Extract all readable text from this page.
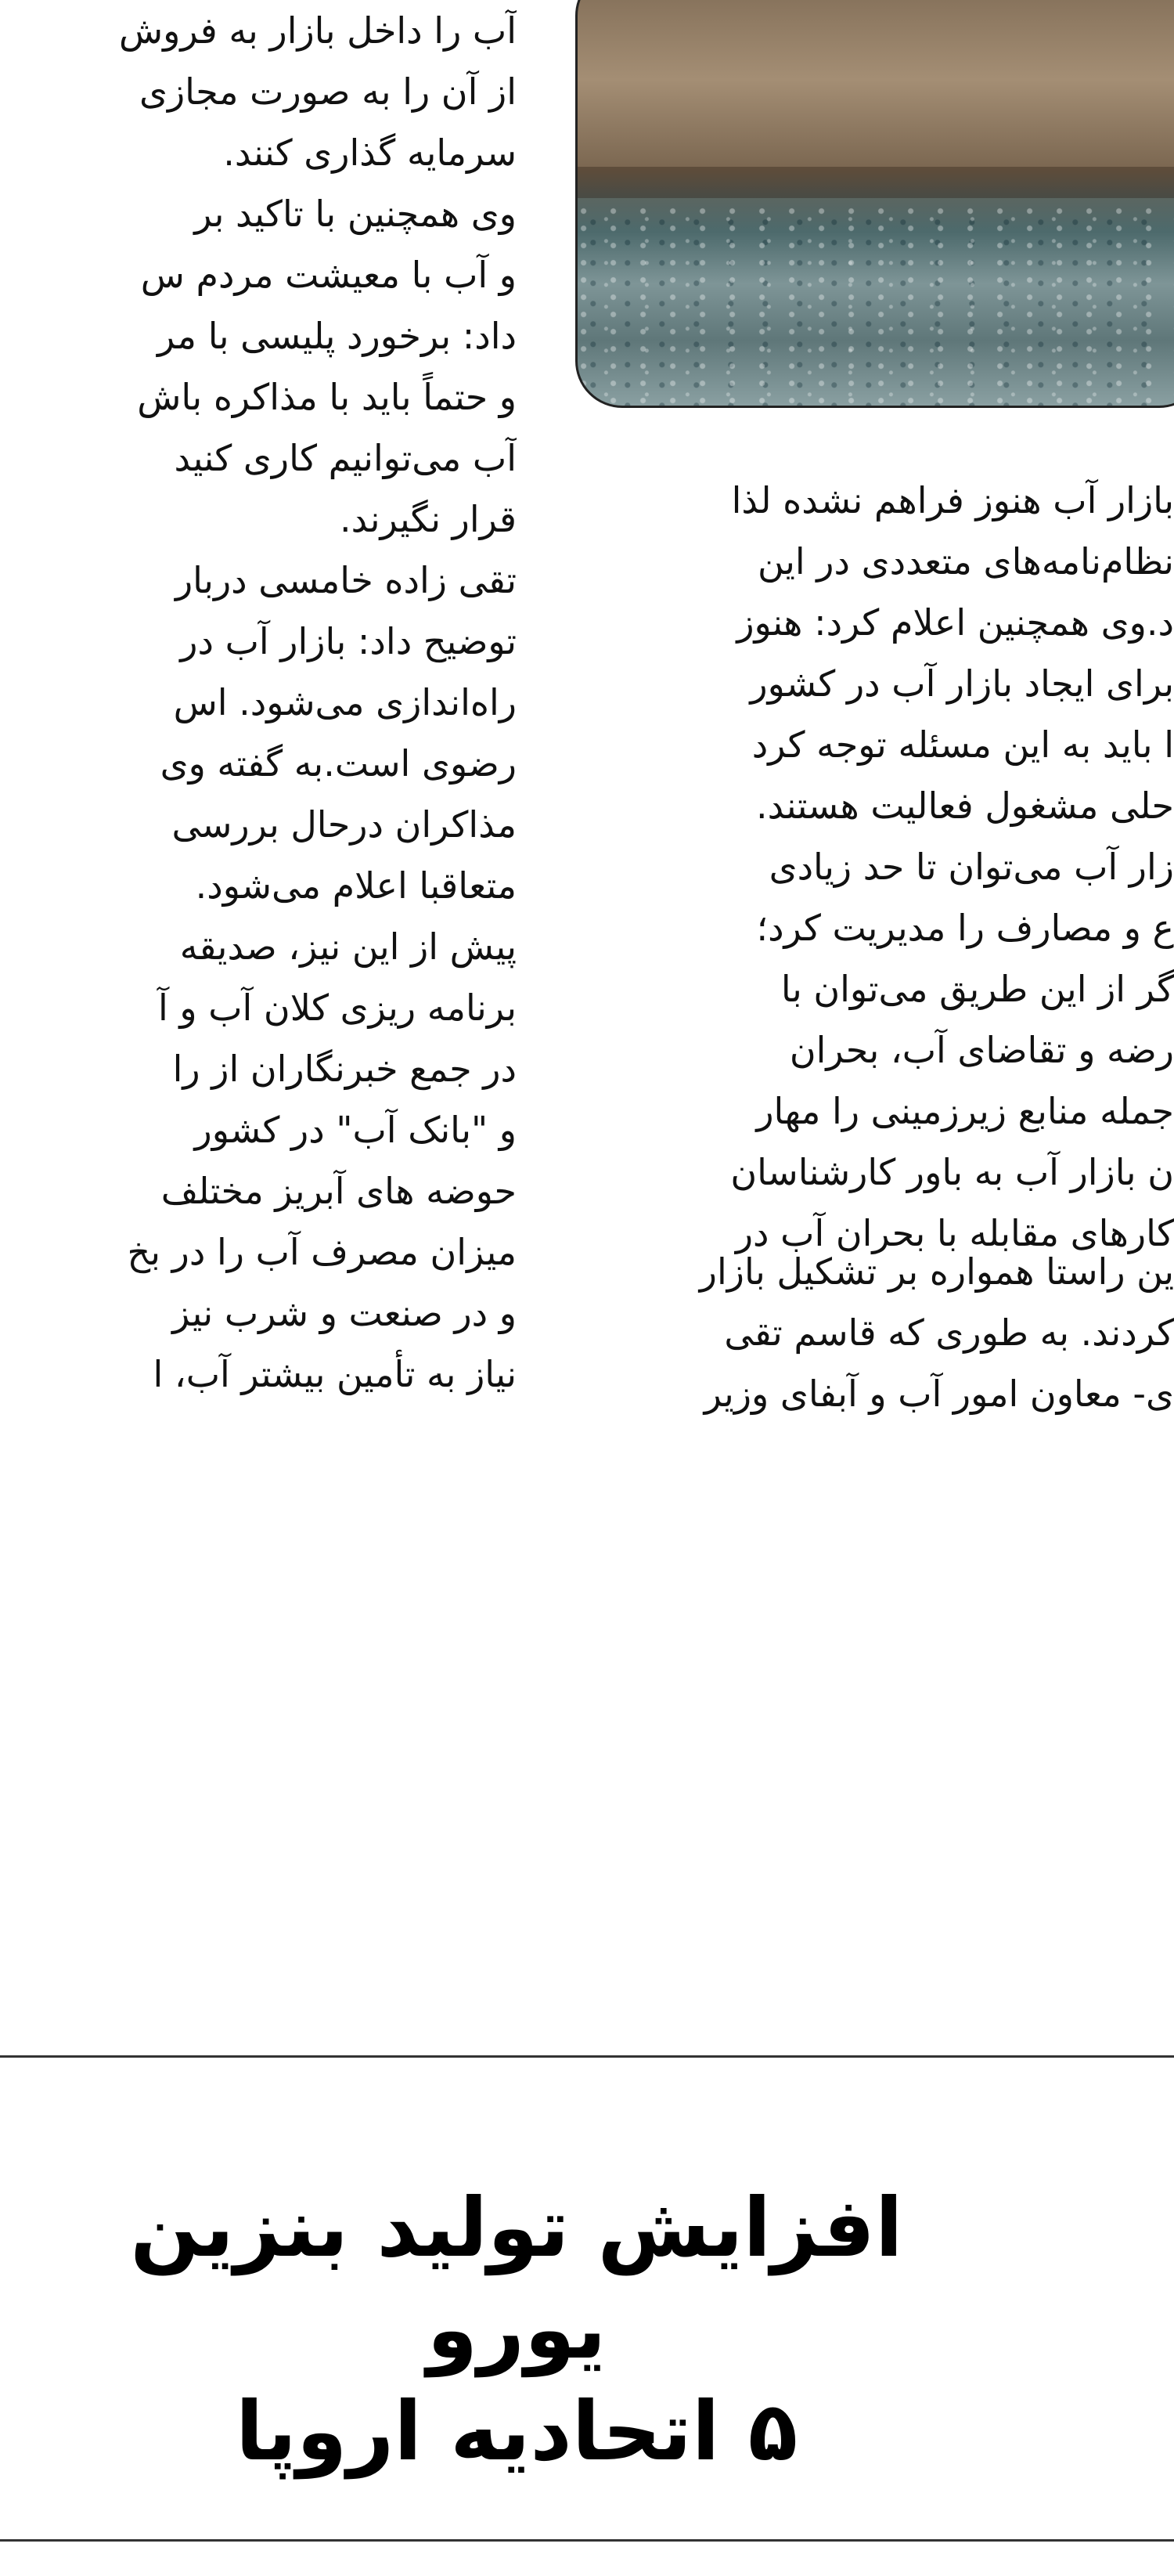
آب را داخل بازار به فروش
از آن را به صورت مجازی
سرمایه گذاری کنند.
وی همچنین با تاکید بر
و آب با معیشت مردم س
داد: برخورد پلیسی با مر
و حتماً باید با مذاکره باش
آب می‌توانیم کاری کنید
قرار نگیرند.
تقی زاده خامسی دربار
توضیح داد: بازار آب در
راه‌اندازی می‌شود. اس
رضوی است.به گفته وی
مذاکران درحال بررسی
متعاقبا اعلام می‌شود.
پیش از این نیز، صدیقه
برنامه ریزی کلان آب و آ
در جمع خبرنگاران از را
و "بانک آب" در کشور
حوضه های آبریز مختلف
میزان مصرف آب را در بخ
و در صنعت و شرب نیز
نیاز به تأمین بیشتر آب، ا
بازار آب هنوز فراهم نشده لذا
نظام‌نامه‌های متعددی در این
د.وی همچنین اعلام کرد: هنوز
برای ایجاد بازار آب در کشور
ا باید به این مسئله توجه کرد
حلی مشغول فعالیت هستند.
زار آب می‌توان تا حد زیادی
ع و مصارف را مدیریت کرد؛
گر از این طریق می‌توان با
رضه و تقاضای آب، بحران
جمله منابع زیرزمینی را مهار
ن بازار آب به باور کارشناسان
کارهای مقابله با بحران آب در
ین راستا همواره بر تشکیل بازار
کردند. به طوری که قاسم تقی
ی- معاون امور آب و آبفای وزیر
افزایش تولید بنزین یورو
۵ اتحادیه اروپا
